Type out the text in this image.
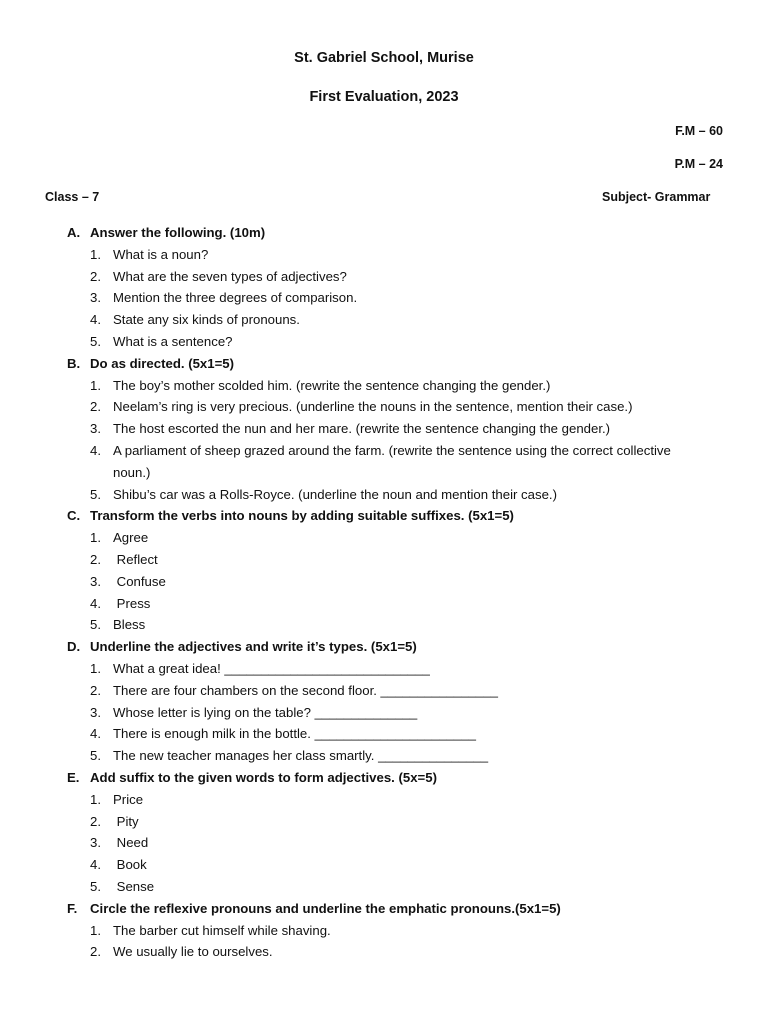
St. Gabriel School, Murise
First Evaluation, 2023
F.M – 60
P.M – 24
Class – 7	Subject- Grammar
A. Answer the following. (10m)
1. What is a noun?
2. What are the seven types of adjectives?
3. Mention the three degrees of comparison.
4. State any six kinds of pronouns.
5. What is a sentence?
B. Do as directed. (5x1=5)
1. The boy’s mother scolded him. (rewrite the sentence changing the gender.)
2. Neelam’s ring is very precious. (underline the nouns in the sentence, mention their case.)
3. The host escorted the nun and her mare. (rewrite the sentence changing the gender.)
4. A parliament of sheep grazed around the farm. (rewrite the sentence using the correct collective noun.)
5. Shibu’s car was a Rolls-Royce. (underline the noun and mention their case.)
C. Transform the verbs into nouns by adding suitable suffixes. (5x1=5)
1. Agree
2. Reflect
3. Confuse
4. Press
5. Bless
D. Underline the adjectives and write it’s types. (5x1=5)
1. What a great idea! ____________________________
2. There are four chambers on the second floor. ________________
3. Whose letter is lying on the table? ______________
4. There is enough milk in the bottle. ______________________
5. The new teacher manages her class smartly. _______________
E. Add suffix to the given words to form adjectives. (5x=5)
1. Price
2. Pity
3. Need
4. Book
5. Sense
F. Circle the reflexive pronouns and underline the emphatic pronouns.(5x1=5)
1. The barber cut himself while shaving.
2. We usually lie to ourselves.
